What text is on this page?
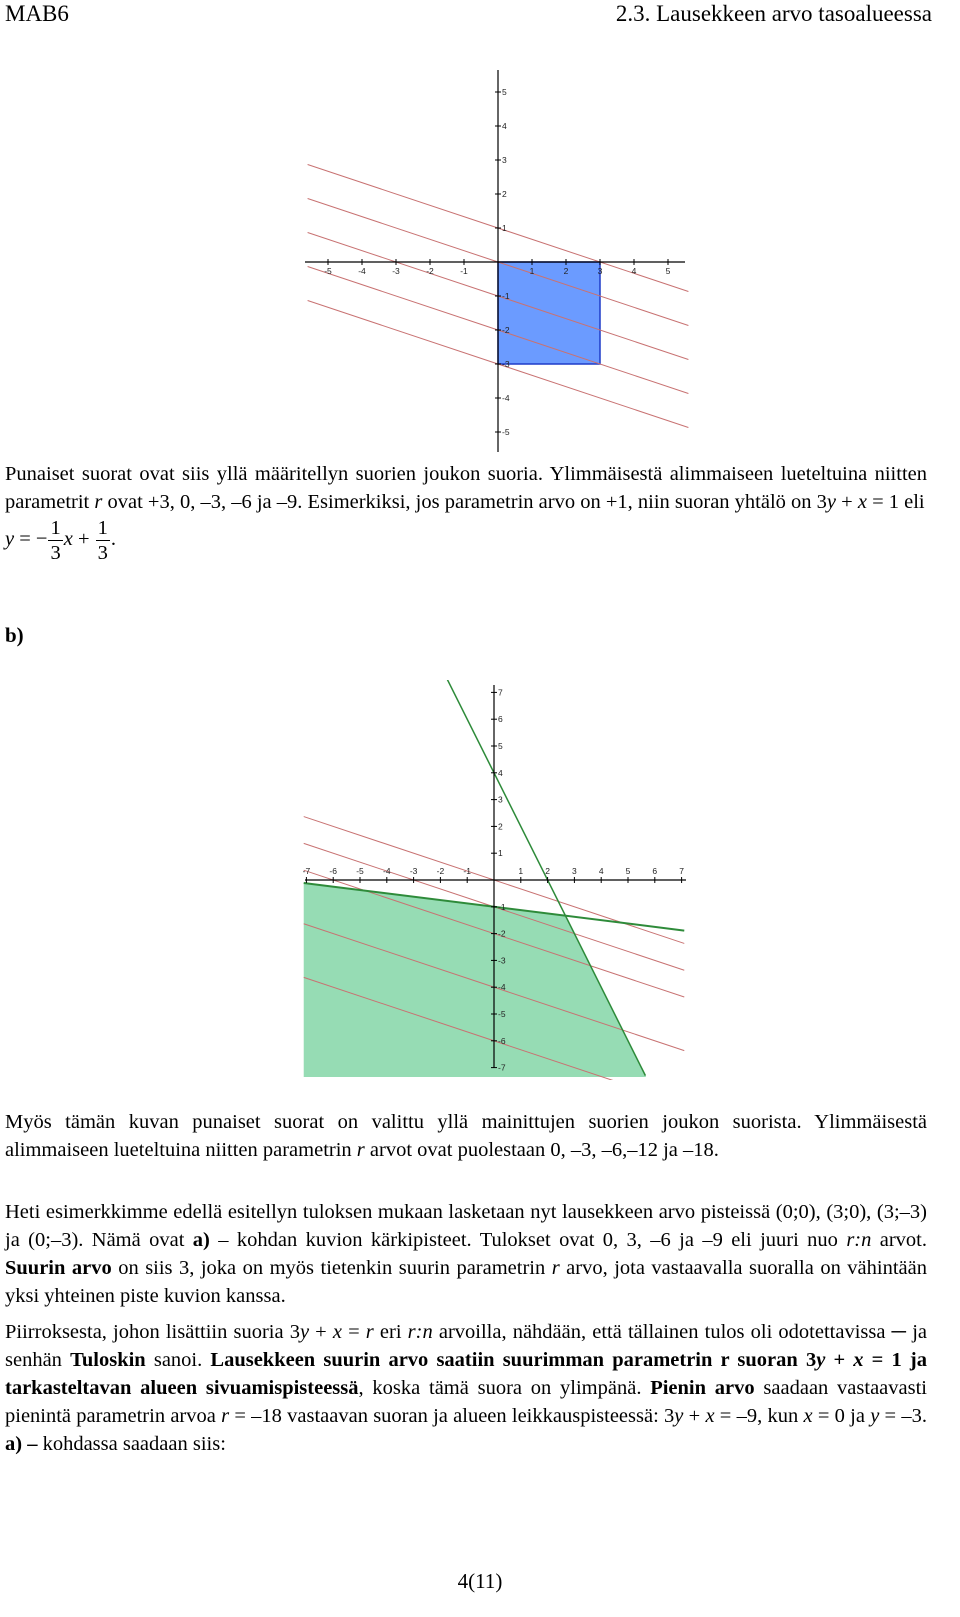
MAB6	2.3. Lausekkeen arvo tasoalueessa
-5	-4	-3	-2	-1	1	2	3	4	5
5
4
3
2
1
-1
-2
-3
-4
-5

Punaiset suorat ovat siis yllä määritellyn suorien joukon suoria. Ylimmäisestä alimmaiseen lueteltuina niitten parametrit r ovat +3, 0, –3, –6 ja –9. Esimerkiksi, jos parametrin arvo on +1, niin suoran yhtälö on 3y + x = 1 eli y = − $\frac{1}{3}$ $x + \frac{1}{3}$ .

b)
-7 -6 -5 -4 -3 -2 -1	1	2	3	4	5	6	7
7
6
5
4
3
2
1
-1
-2
-3
-4
-5
-6
-7

Myös tämän kuvan punaiset suorat on valittu yllä mainittujen suorien joukon suorista. Ylimmäisestä alimmaiseen lueteltuina niitten parametrin r arvot ovat puolestaan 0, –3, –6,–12 ja –18.

Heti esimerkkimme edellä esitellyn tuloksen mukaan lasketaan nyt lausekkeen arvo pisteissä (0;0), (3;0), (3;–3) ja (0;–3). Nämä ovat a) – kohdan kuvion kärkipisteet. Tulokset ovat 0, 3, –6 ja –9 eli juuri nuo r:n arvot. Suurin arvo on siis 3, joka on myös tietenkin suurin parametrin r arvo, jota vastaavalla suoralla on vähintään yksi yhteinen piste kuvion kanssa.

Piirroksesta, johon lisättiin suoria 3y + x = r eri r:n arvoilla, nähdään, että tällainen tulos oli odotettavissa ─ ja senhän Tuloskin sanoi. Lausekkeen suurin arvo saatiin suurimman parametrin r suoran 3y + x = 1 ja tarkasteltavan alueen sivuamispisteessä, koska tämä suora on ylimpänä. Pienin arvo saadaan vastaavasti pienintä parametrin arvoa r = –18 vastaavan suoran ja alueen leikkauspisteessä: 3y + x = –9, kun x = 0 ja y = –3. a) – kohdassa saadaan siis:

4(11)
